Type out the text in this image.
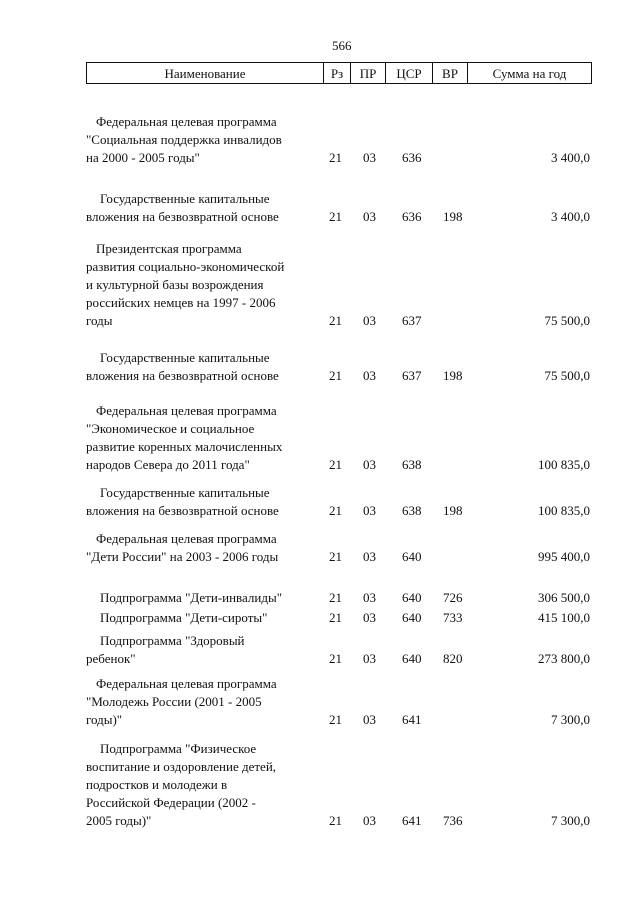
566
Наименование	Рз	ПР	ЦСР	ВР	Сумма на год
Федеральная целевая программа
"Социальная поддержка инвалидов
на 2000 - 2005 годы"	21 03 636	3 400,0
Государственные капитальные
вложения на безвозвратной основе	21 03 636 198	3 400,0
Президентская программа
развития социально-экономической
и культурной базы возрождения
российских немцев на 1997 - 2006
годы	21 03 637	75 500,0
Государственные капитальные
вложения на безвозвратной основе	21 03 637 198	75 500,0
Федеральная целевая программа
"Экономическое и социальное
развитие коренных малочисленных
народов Севера до 2011 года"	21 03 638	100 835,0
Государственные капитальные
вложения на безвозвратной основе	21 03 638 198	100 835,0
Федеральная целевая программа
"Дети России" на 2003 - 2006 годы	21 03 640	995 400,0
Подпрограмма "Дети-инвалиды"	21 03 640 726	306 500,0
Подпрограмма "Дети-сироты"	21 03 640 733	415 100,0
Подпрограмма "Здоровый
ребенок"	21 03 640 820	273 800,0
Федеральная целевая программа
"Молодежь России (2001 - 2005
годы)"	21 03 641	7 300,0
Подпрограмма "Физическое
воспитание и оздоровление детей,
подростков и молодежи в
Российской Федерации (2002 -
2005 годы)"	21 03 641 736	7 300,0
